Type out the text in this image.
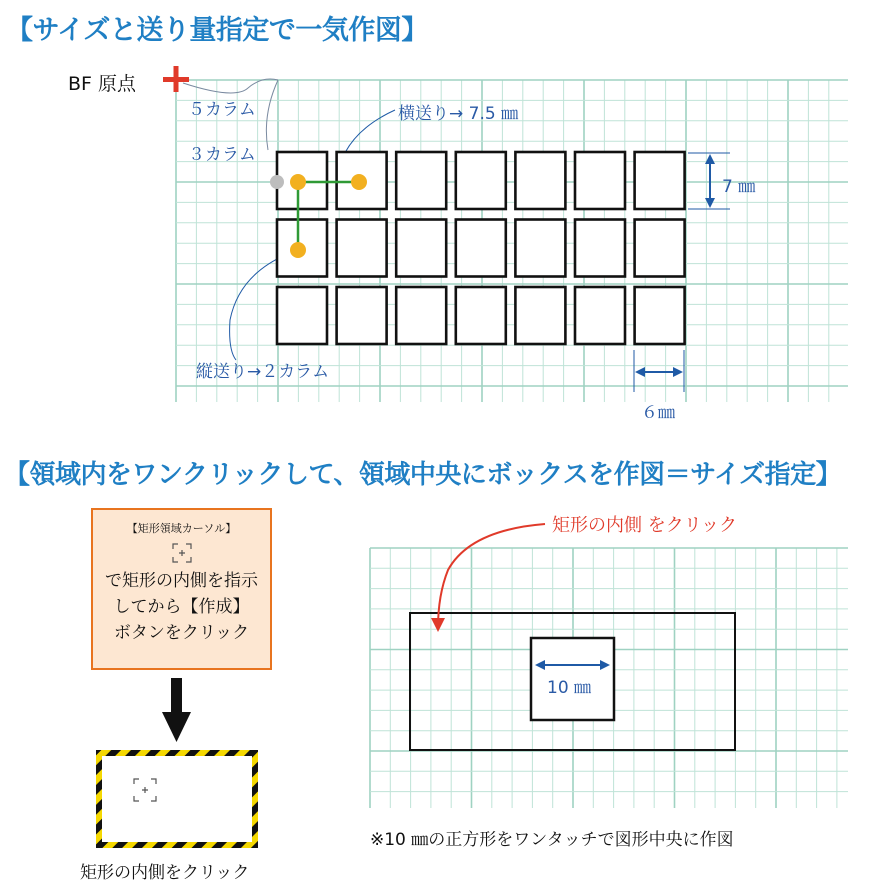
【サイズと送り量指定で一気作図】
BF 原点
５カラム
３カラム
横送り→ 7.5 ㎜
7 ㎜
縦送り→２カラム
６㎜
【領域内をワンクリックして、領域中央にボックスを作図＝サイズ指定】
【矩形領域カーソル】
で矩形の内側を指示
してから【作成】
ボタンをクリック
矩形の内側をクリック
矩形の内側 をクリック
10 ㎜
※10 ㎜の正方形をワンタッチで図形中央に作図
